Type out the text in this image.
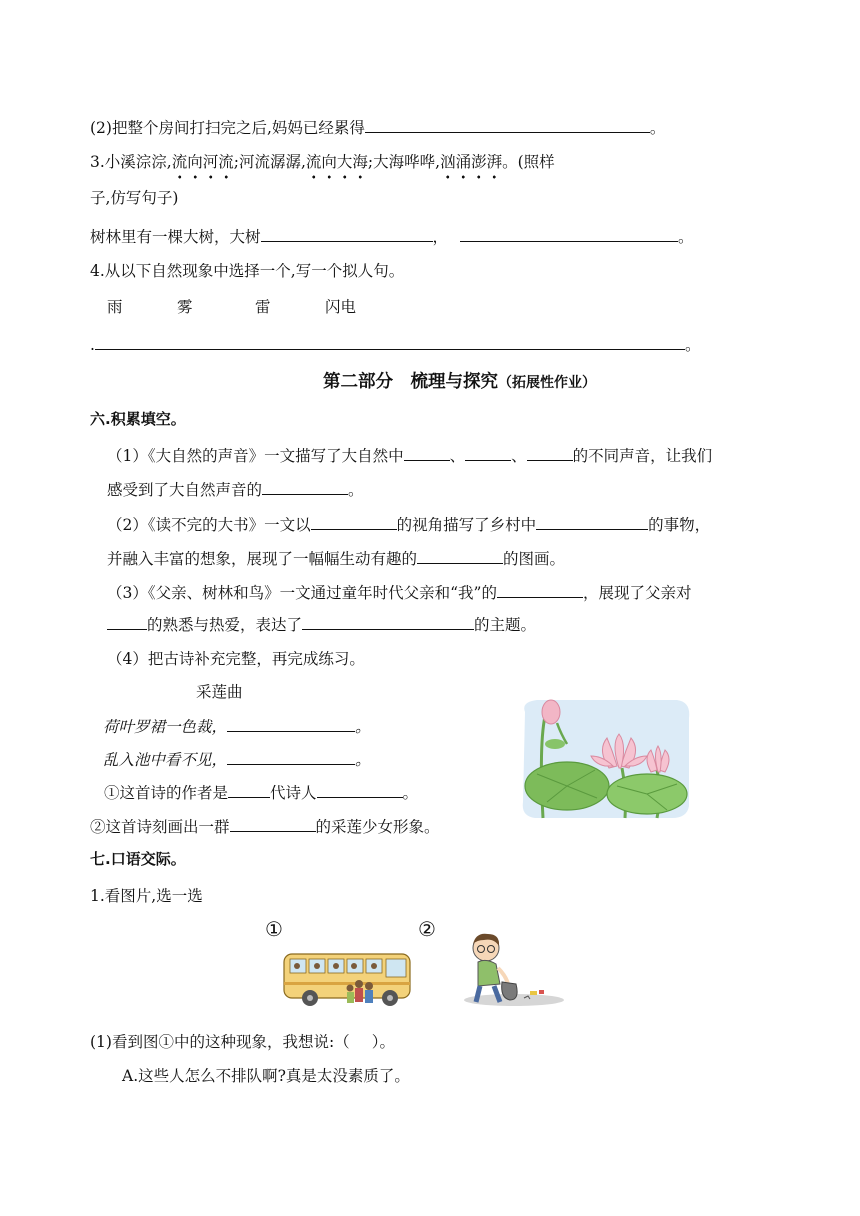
(2)把整个房间打扫完之后,妈妈已经累得	。
3.小溪淙淙,流向河流;河流潺潺,流向大海;大海哗哗,汹涌澎湃。(照样
子,仿写句子)
树林里有一棵大树，大树	，	。
4.从以下自然现象中选择一个,写一个拟人句。
雨	雾	雷	闪电
.	。
第二部分　梳理与探究（拓展性作业）
六.积累填空。
（1）《大自然的声音》一文描写了大自然中	、	、	的不同声音，让我们
感受到了大自然声音的	。
（2）《读不完的大书》一文以	的视角描写了乡村中	的事物，
并融入丰富的想象，展现了一幅幅生动有趣的	的图画。
（3）《父亲、树林和鸟》一文通过童年时代父亲和“我”的	，展现了父亲对
的熟悉与热爱，表达了	的主题。
（4）把古诗补充完整，再完成练习。
采莲曲
荷叶罗裙一色裁，	。
乱入池中看不见，	。
①这首诗的作者是	代诗人	。
②这首诗刻画出一群	的采莲少女形象。
七.口语交际。
1.看图片,选一选
①	②
(1)看到图①中的这种现象，我想说:（ ）。
A.这些人怎么不排队啊?真是太没素质了。
